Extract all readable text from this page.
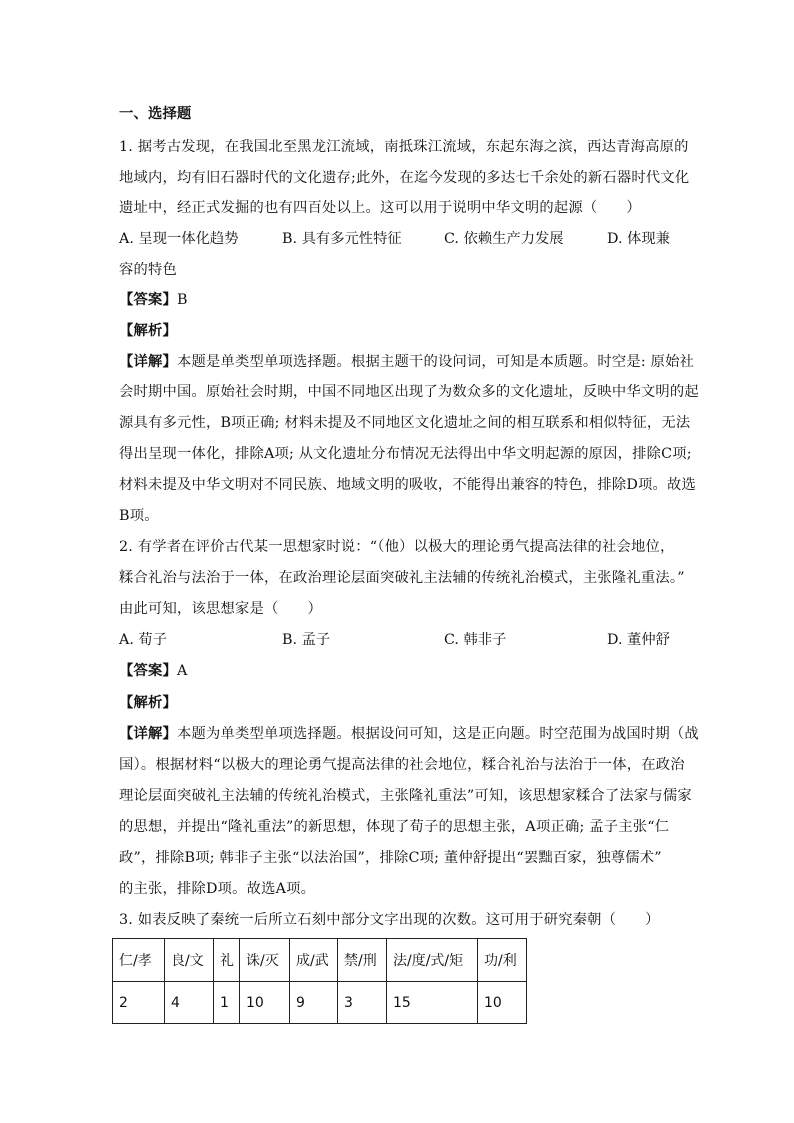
一、选择题

1. 据考古发现，在我国北至黑龙江流域，南抵珠江流域，东起东海之滨，西达青海高原的

地域内，均有旧石器时代的文化遗存;此外，在迄今发现的多达七千余处的新石器时代文化

遗址中，经正式发掘的也有四百处以上。这可以用于说明中华文明的起源（　　）

A. 呈现一体化趋势	B. 具有多元性特征	C. 依赖生产力发展	D. 体现兼

容的特色

【答案】B

【解析】

【详解】本题是单类型单项选择题。根据主题干的设问词，可知是本质题。时空是: 原始社

会时期中国。原始社会时期，中国不同地区出现了为数众多的文化遗址，反映中华文明的起

源具有多元性，B项正确; 材料未提及不同地区文化遗址之间的相互联系和相似特征，无法

得出呈现一体化，排除A项; 从文化遗址分布情况无法得出中华文明起源的原因，排除C项;

材料未提及中华文明对不同民族、地域文明的吸收，不能得出兼容的特色，排除D项。故选

B项。

2. 有学者在评价古代某一思想家时说：“（他）以极大的理论勇气提高法律的社会地位，

糅合礼治与法治于一体，在政治理论层面突破礼主法辅的传统礼治模式，主张隆礼重法。”

由此可知，该思想家是（　　）

A. 荀子	B. 孟子	C. 韩非子	D. 董仲舒

【答案】A

【解析】

【详解】本题为单类型单项选择题。根据设问可知，这是正向题。时空范围为战国时期（战

国）。根据材料“以极大的理论勇气提高法律的社会地位，糅合礼治与法治于一体，在政治

理论层面突破礼主法辅的传统礼治模式，主张隆礼重法”可知，该思想家糅合了法家与儒家

的思想，并提出“隆礼重法”的新思想，体现了荀子的思想主张，A项正确; 孟子主张“仁

政”，排除B项; 韩非子主张“以法治国”，排除C项; 董仲舒提出“罢黜百家，独尊儒术”

的主张，排除D项。故选A项。

3. 如表反映了秦统一后所立石刻中部分文字出现的次数。这可用于研究秦朝（　　）

仁/孝	良/文	礼	诛/灭	成/武	禁/刑	法/度/式/矩	功/利
2	4	1	10	9	3	15	10
